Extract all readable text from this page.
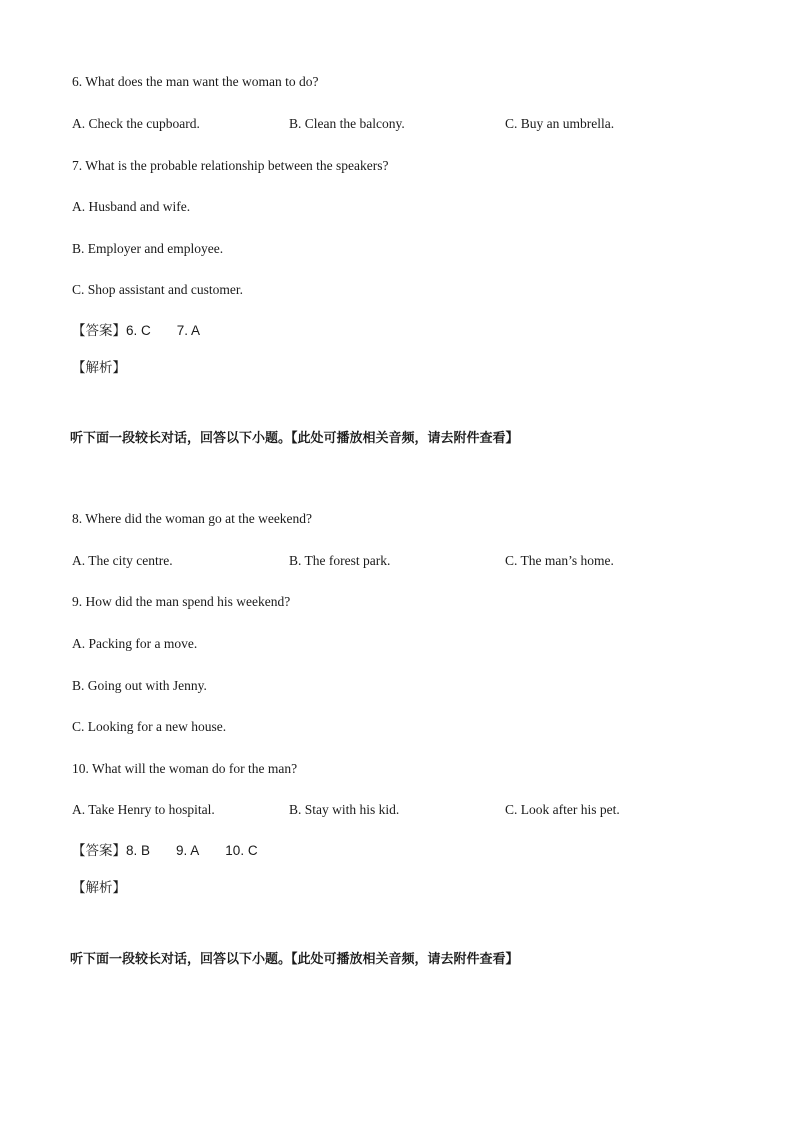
6. What does the man want the woman to do?
A. Check the cupboard.	B. Clean the balcony.	C. Buy an umbrella.
7. What is the probable relationship between the speakers?
A. Husband and wife.
B. Employer and employee.
C. Shop assistant and customer.
【答案】6. C 7. A
【解析】
听下面一段较长对话，回答以下小题。【此处可播放相关音频，请去附件查看】
8. Where did the woman go at the weekend?
A. The city centre.	B. The forest park.	C. The man’s home.
9. How did the man spend his weekend?
A. Packing for a move.
B. Going out with Jenny.
C. Looking for a new house.
10. What will the woman do for the man?
A. Take Henry to hospital.	B. Stay with his kid.	C. Look after his pet.
【答案】8. B 9. A 10. C
【解析】
听下面一段较长对话，回答以下小题。【此处可播放相关音频，请去附件查看】
